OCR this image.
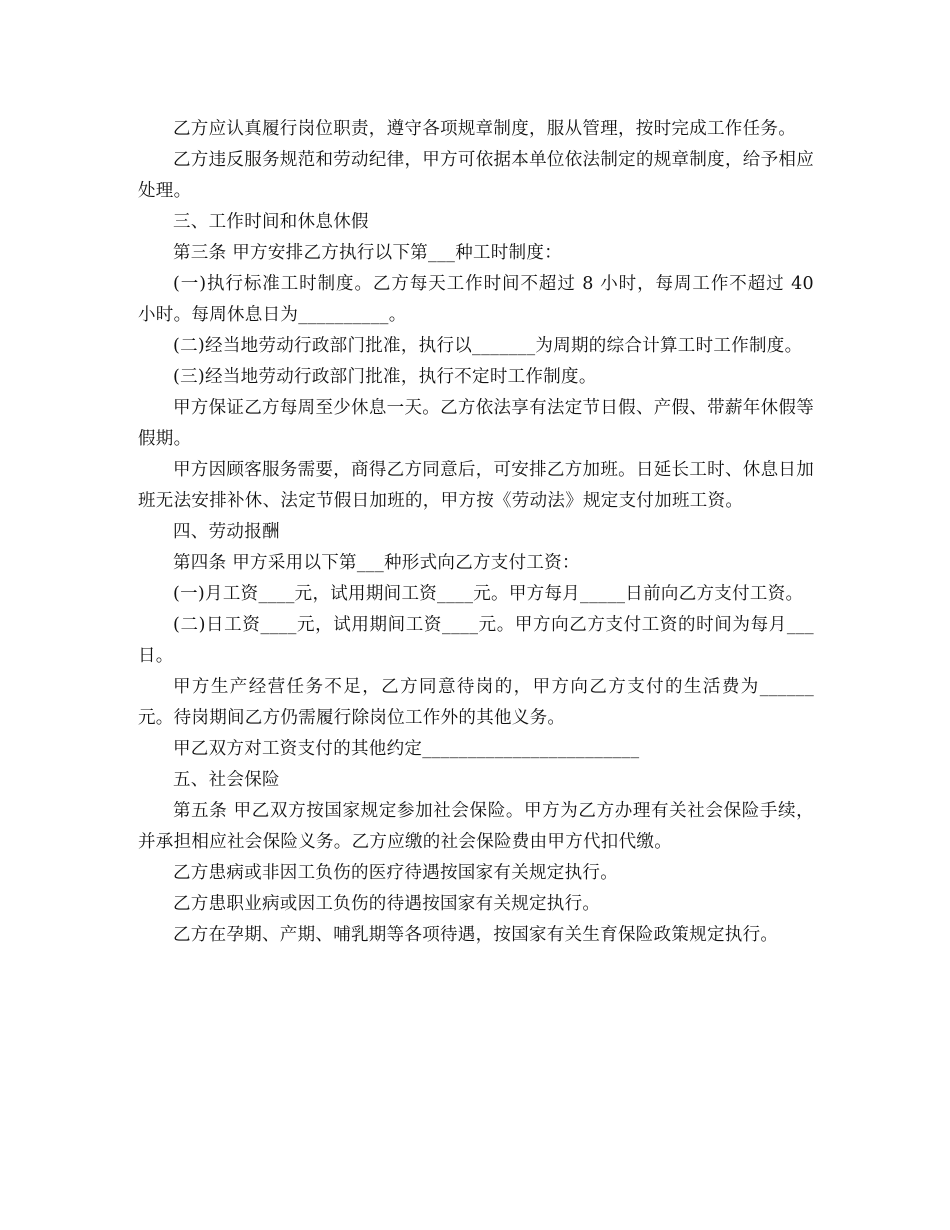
乙方应认真履行岗位职责，遵守各项规章制度，服从管理，按时完成工作任务。

乙方违反服务规范和劳动纪律，甲方可依据本单位依法制定的规章制度，给予相应处理。

三、工作时间和休息休假

第三条 甲方安排乙方执行以下第___种工时制度：

(一)执行标准工时制度。乙方每天工作时间不超过 8 小时，每周工作不超过 40 小时。每周休息日为__________。

(二)经当地劳动行政部门批准，执行以_______为周期的综合计算工时工作制度。

(三)经当地劳动行政部门批准，执行不定时工作制度。

甲方保证乙方每周至少休息一天。乙方依法享有法定节日假、产假、带薪年休假等假期。

甲方因顾客服务需要，商得乙方同意后，可安排乙方加班。日延长工时、休息日加班无法安排补休、法定节假日加班的，甲方按《劳动法》规定支付加班工资。

四、劳动报酬

第四条 甲方采用以下第___种形式向乙方支付工资：

(一)月工资____元，试用期间工资____元。甲方每月_____日前向乙方支付工资。

(二)日工资____元，试用期间工资____元。甲方向乙方支付工资的时间为每月___日。

甲方生产经营任务不足，乙方同意待岗的，甲方向乙方支付的生活费为______元。待岗期间乙方仍需履行除岗位工作外的其他义务。

甲乙双方对工资支付的其他约定________________________

五、社会保险

第五条 甲乙双方按国家规定参加社会保险。甲方为乙方办理有关社会保险手续，并承担相应社会保险义务。乙方应缴的社会保险费由甲方代扣代缴。

乙方患病或非因工负伤的医疗待遇按国家有关规定执行。

乙方患职业病或因工负伤的待遇按国家有关规定执行。

乙方在孕期、产期、哺乳期等各项待遇，按国家有关生育保险政策规定执行。
